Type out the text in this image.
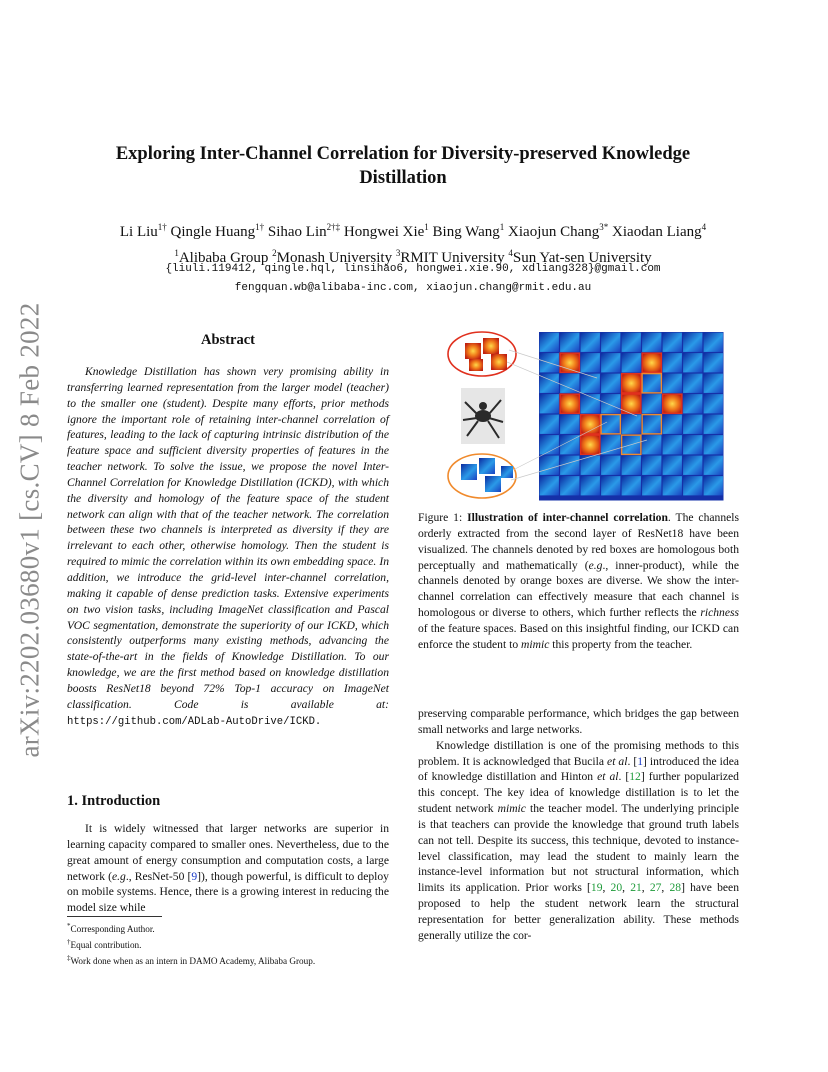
arXiv:2202.03680v1 [cs.CV] 8 Feb 2022
Exploring Inter-Channel Correlation for Diversity-preserved Knowledge Distillation
Li Liu$^{1\dagger}$ Qingle Huang$^{1\dagger}$ Sihao Lin$^{2\dagger\ddagger}$ Hongwei Xie$^1$ Bing Wang$^1$ Xiaojun Chang$^{3*}$ Xiaodan Liang$^4$
$^1$Alibaba Group $^2$Monash University $^3$RMIT University $^4$Sun Yat-sen University
{liuli.119412, qingle.hql, linsihao6, hongwei.xie.90, xdliang328}@gmail.com
fengquan.wb@alibaba-inc.com, xiaojun.chang@rmit.edu.au
Abstract

Knowledge Distillation has shown very promising ability in transferring learned representation from the larger model (teacher) to the smaller one (student). Despite many efforts, prior methods ignore the important role of retaining inter-channel correlation of features, leading to the lack of capturing intrinsic distribution of the feature space and sufficient diversity properties of features in the teacher network. To solve the issue, we propose the novel Inter-Channel Correlation for Knowledge Distillation (ICKD), with which the diversity and homology of the feature space of the student network can align with that of the teacher network. The correlation between these two channels is interpreted as diversity if they are irrelevant to each other, otherwise homology. Then the student is required to mimic the correlation within its own embedding space. In addition, we introduce the grid-level inter-channel correlation, making it capable of dense prediction tasks. Extensive experiments on two vision tasks, including ImageNet classification and Pascal VOC segmentation, demonstrate the superiority of our ICKD, which consistently outperforms many existing methods, advancing the state-of-the-art in the fields of Knowledge Distillation. To our knowledge, we are the first method based on knowledge distillation boosts ResNet18 beyond 72% Top-1 accuracy on ImageNet classification. Code is available at: https://github.com/ADLab-AutoDrive/ICKD.

1. Introduction

It is widely witnessed that larger networks are superior in learning capacity compared to smaller ones. Nevertheless, due to the great amount of energy consumption and computation costs, a large network (e.g., ResNet-50 [9]), though powerful, is difficult to deploy on mobile systems. Hence, there is a growing interest in reducing the model size while

*Corresponding Author.
†Equal contribution.
‡Work done when as an intern in DAMO Academy, Alibaba Group.

Figure 1: Illustration of inter-channel correlation. The channels orderly extracted from the second layer of ResNet18 have been visualized. The channels denoted by red boxes are homologous both perceptually and mathematically (e.g., inner-product), while the channels denoted by orange boxes are diverse. We show the inter-channel correlation can effectively measure that each channel is homologous or diverse to others, which further reflects the richness of the feature spaces. Based on this insightful finding, our ICKD can enforce the student to mimic this property from the teacher.

preserving comparable performance, which bridges the gap between small networks and large networks.

Knowledge distillation is one of the promising methods to this problem. It is acknowledged that Bucila et al. [1] introduced the idea of knowledge distillation and Hinton et al. [12] further popularized this concept. The key idea of knowledge distillation is to let the student network mimic the teacher model. The underlying principle is that teachers can provide the knowledge that ground truth labels can not tell. Despite its success, this technique, devoted to instance-level classification, may lead the student to mainly learn the instance-level information but not structural information, which limits its application. Prior works [19, 20, 21, 27, 28] have been proposed to help the student network learn the structural representation for better generalization ability. These methods generally utilize the cor-
